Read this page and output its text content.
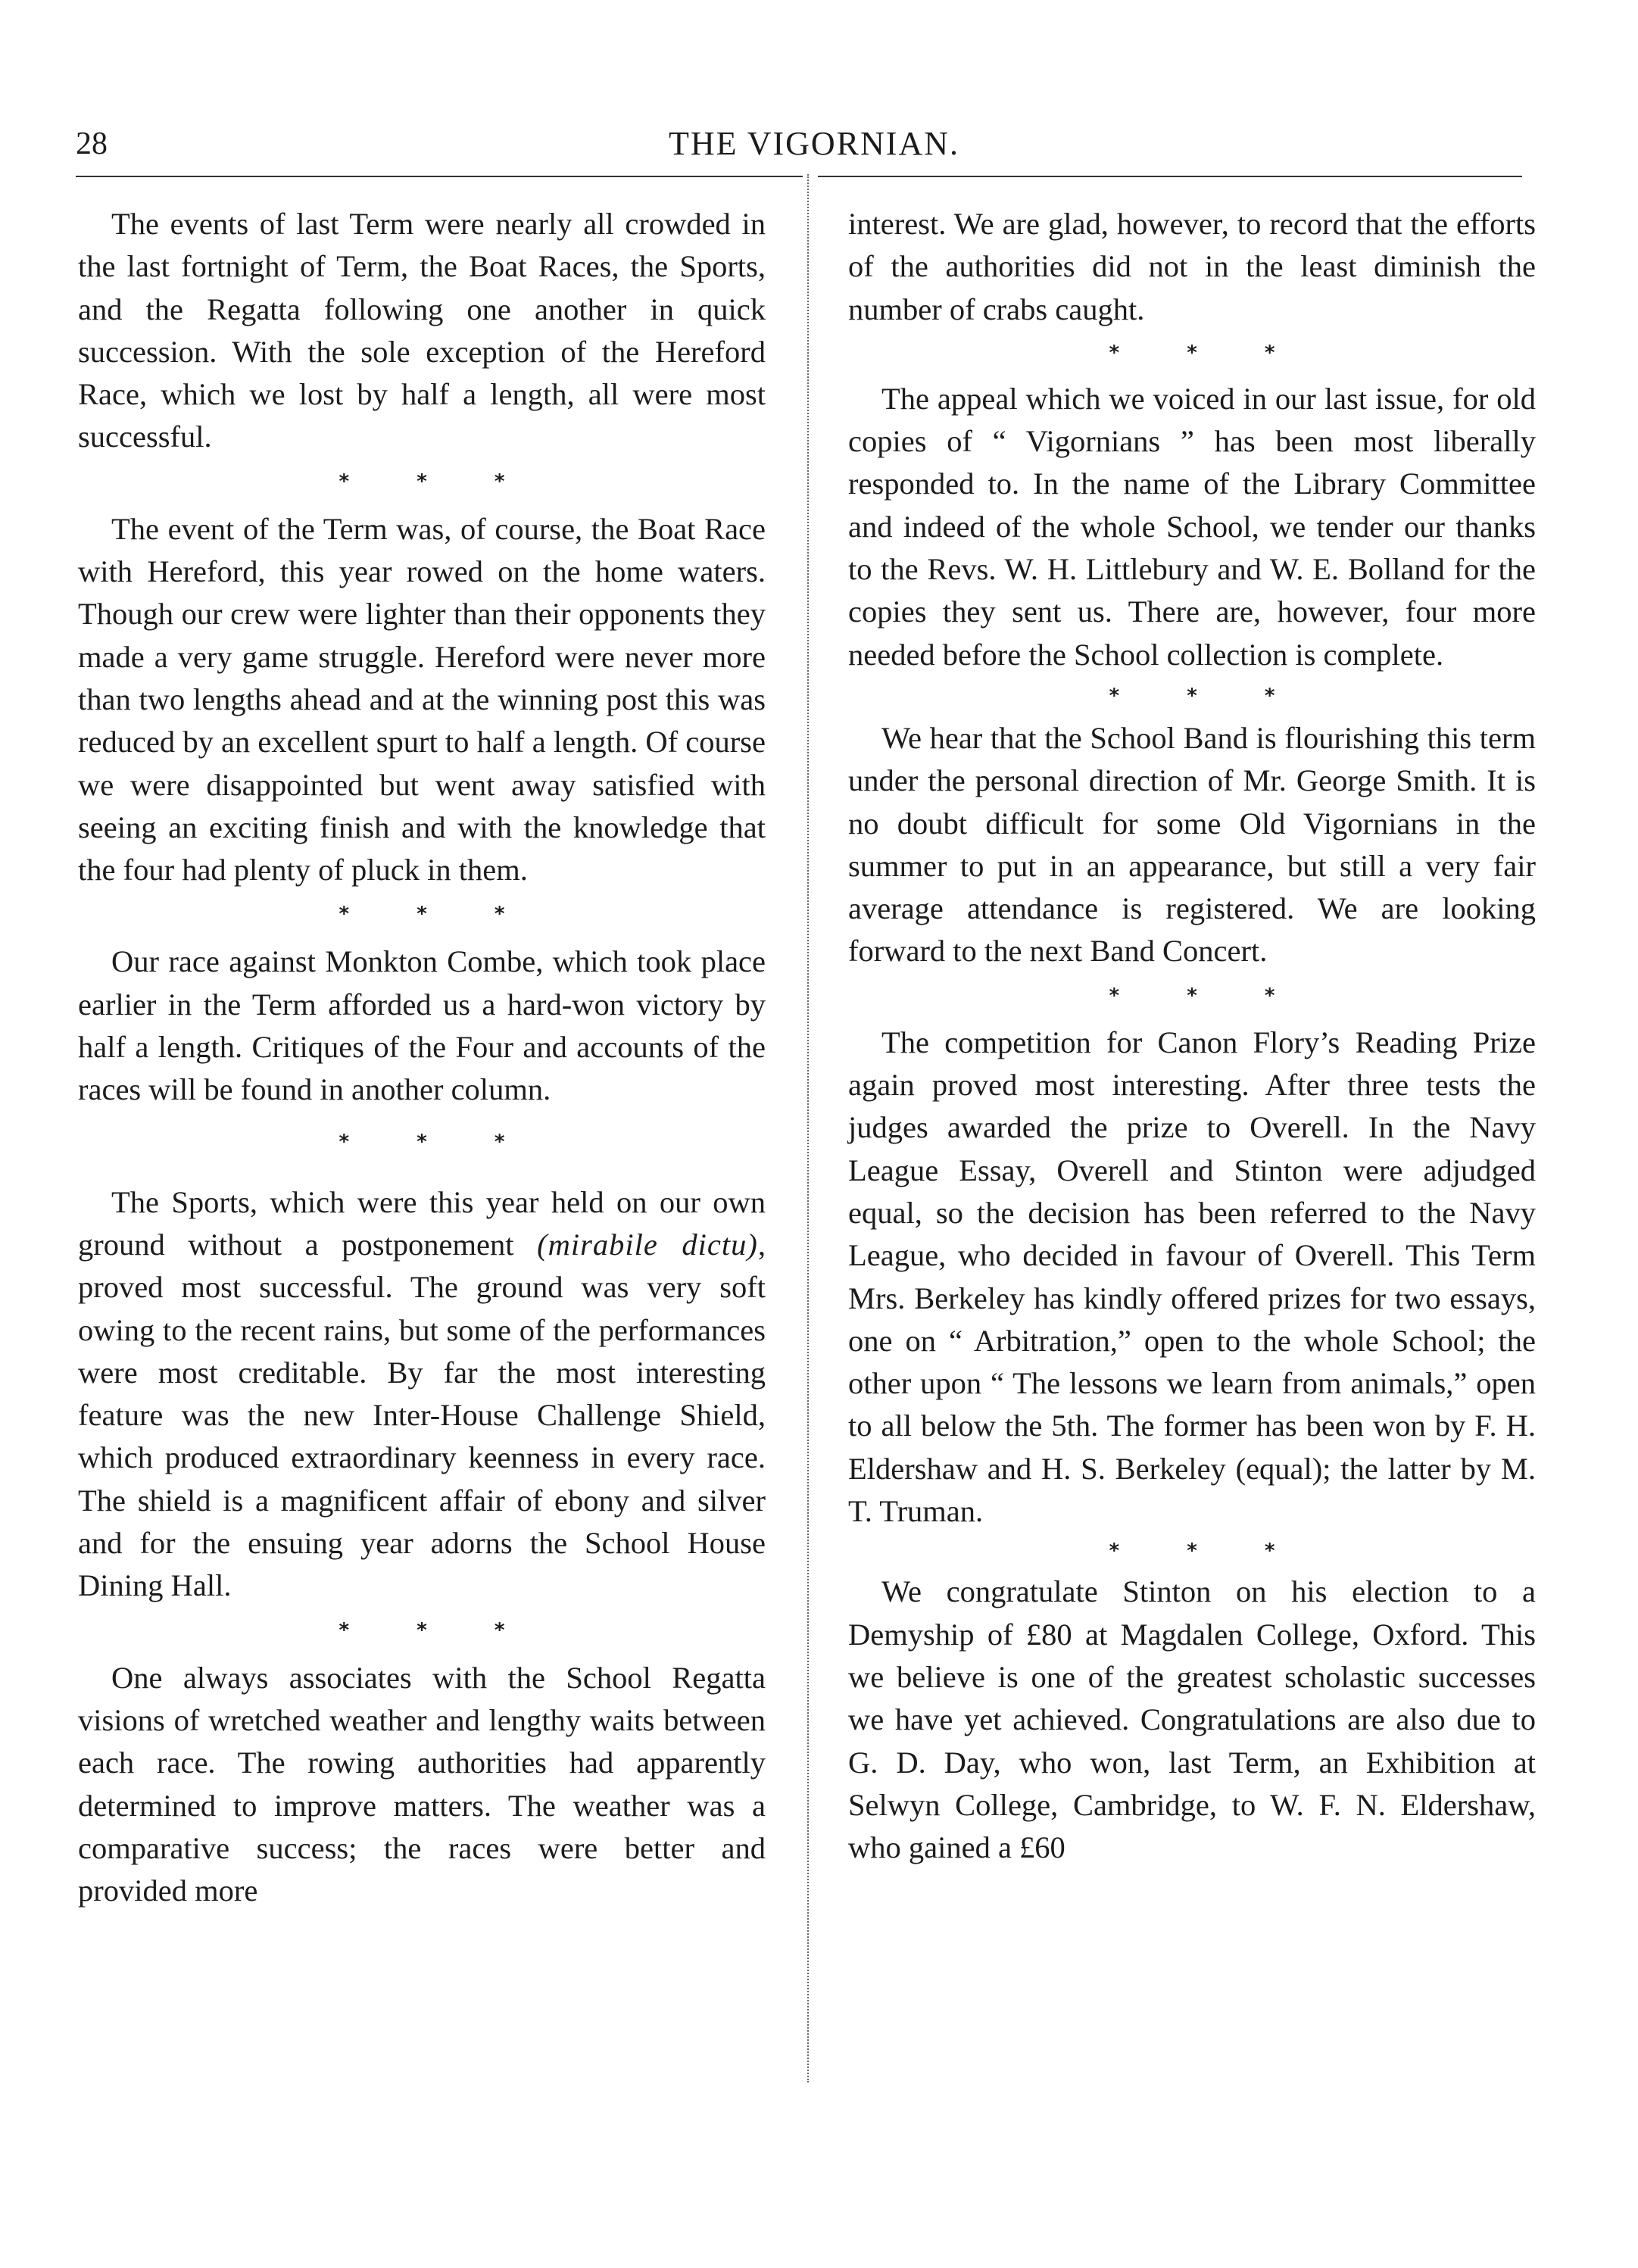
28	THE VIGORNIAN.

The events of last Term were nearly all crowded in the last fortnight of Term, the Boat Races, the Sports, and the Regatta following one another in quick succession. With the sole exception of the Hereford Race, which we lost by half a length, all were most successful.

* * *

The event of the Term was, of course, the Boat Race with Hereford, this year rowed on the home waters. Though our crew were lighter than their opponents they made a very game struggle. Hereford were never more than two lengths ahead and at the winning post this was reduced by an excellent spurt to half a length. Of course we were disappointed but went away satisfied with seeing an exciting finish and with the knowledge that the four had plenty of pluck in them.

* * *

Our race against Monkton Combe, which took place earlier in the Term afforded us a hard-won victory by half a length. Critiques of the Four and accounts of the races will be found in another column.

* * *

The Sports, which were this year held on our own ground without a postponement (mirabile dictu), proved most successful. The ground was very soft owing to the recent rains, but some of the performances were most creditable. By far the most interesting feature was the new Inter-House Challenge Shield, which produced extraordinary keenness in every race. The shield is a magnificent affair of ebony and silver and for the ensuing year adorns the School House Dining Hall.

* * *

One always associates with the School Regatta visions of wretched weather and lengthy waits between each race. The rowing authorities had apparently determined to improve matters. The weather was a comparative success; the races were better and provided more

interest. We are glad, however, to record that the efforts of the authorities did not in the least diminish the number of crabs caught.

* * *

The appeal which we voiced in our last issue, for old copies of “ Vigornians ” has been most liberally responded to. In the name of the Library Committee and indeed of the whole School, we tender our thanks to the Revs. W. H. Littlebury and W. E. Bolland for the copies they sent us. There are, however, four more needed before the School collection is complete.

* * *

We hear that the School Band is flourishing this term under the personal direction of Mr. George Smith. It is no doubt difficult for some Old Vigornians in the summer to put in an appearance, but still a very fair average attendance is registered. We are looking forward to the next Band Concert.

* * *

The competition for Canon Flory’s Reading Prize again proved most interesting. After three tests the judges awarded the prize to Overell. In the Navy League Essay, Overell and Stinton were adjudged equal, so the decision has been referred to the Navy League, who decided in favour of Overell. This Term Mrs. Berkeley has kindly offered prizes for two essays, one on “ Arbitration,” open to the whole School; the other upon “ The lessons we learn from animals,” open to all below the 5th. The former has been won by F. H. Eldershaw and H. S. Berkeley (equal); the latter by M. T. Truman.

* * *

We congratulate Stinton on his election to a Demyship of £80 at Magdalen College, Oxford. This we believe is one of the greatest scholastic successes we have yet achieved. Congratulations are also due to G. D. Day, who won, last Term, an Exhibition at Selwyn College, Cambridge, to W. F. N. Eldershaw, who gained a £60
